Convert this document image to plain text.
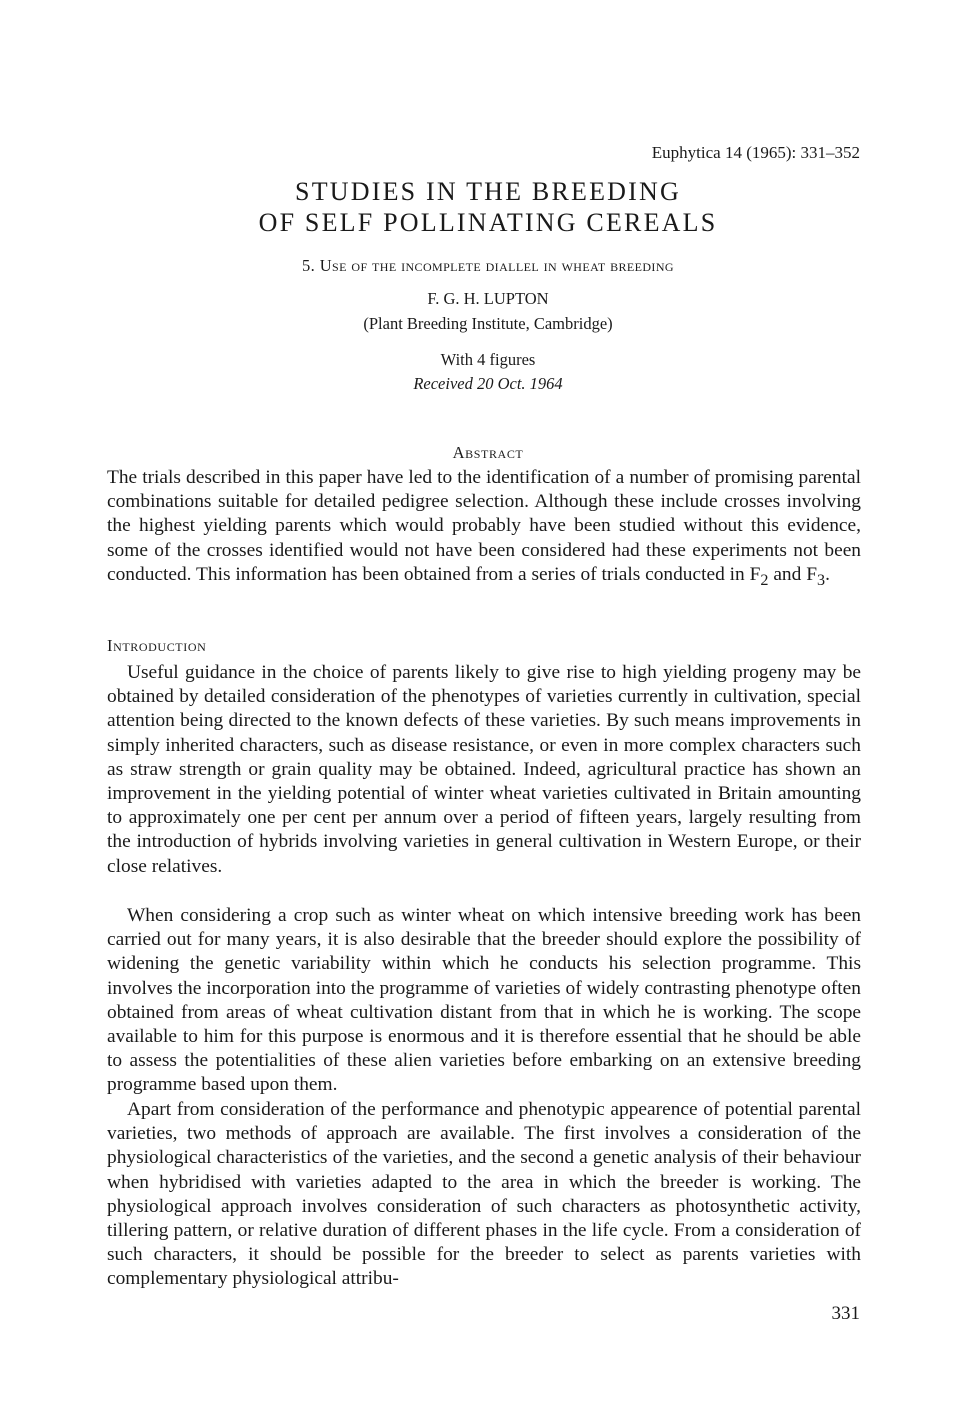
Euphytica 14 (1965): 331–352
STUDIES IN THE BREEDING
OF SELF POLLINATING CEREALS
5. Use of the incomplete diallel in wheat breeding
F. G. H. LUPTON
(Plant Breeding Institute, Cambridge)
With 4 figures
Received 20 Oct. 1964
Abstract

The trials described in this paper have led to the identification of a number of promising parental combinations suitable for detailed pedigree selection. Although these include crosses involving the highest yielding parents which would probably have been studied without this evidence, some of the crosses identified would not have been considered had these experiments not been conducted. This information has been obtained from a series of trials conducted in $F_2$ and $F_3$.

Introduction

Useful guidance in the choice of parents likely to give rise to high yielding progeny may be obtained by detailed consideration of the phenotypes of varieties currently in cultivation, special attention being directed to the known defects of these varieties. By such means improvements in simply inherited characters, such as disease resistance, or even in more complex characters such as straw strength or grain quality may be obtained. Indeed, agricultural practice has shown an improvement in the yielding potential of winter wheat varieties cultivated in Britain amounting to approximately one per cent per annum over a period of fifteen years, largely resulting from the introduction of hybrids involving varieties in general cultivation in Western Europe, or their close relatives.

When considering a crop such as winter wheat on which intensive breeding work has been carried out for many years, it is also desirable that the breeder should explore the possibility of widening the genetic variability within which he conducts his selection programme. This involves the incorporation into the programme of varieties of widely contrasting phenotype often obtained from areas of wheat cultivation distant from that in which he is working. The scope available to him for this purpose is enormous and it is therefore essential that he should be able to assess the potentialities of these alien varieties before embarking on an extensive breeding programme based upon them.

Apart from consideration of the performance and phenotypic appearence of potential parental varieties, two methods of approach are available. The first involves a consideration of the physiological characteristics of the varieties, and the second a genetic analysis of their behaviour when hybridised with varieties adapted to the area in which the breeder is working. The physiological approach involves consideration of such characters as photosynthetic activity, tillering pattern, or relative duration of different phases in the life cycle. From a consideration of such characters, it should be possible for the breeder to select as parents varieties with complementary physiological attribu-

331
